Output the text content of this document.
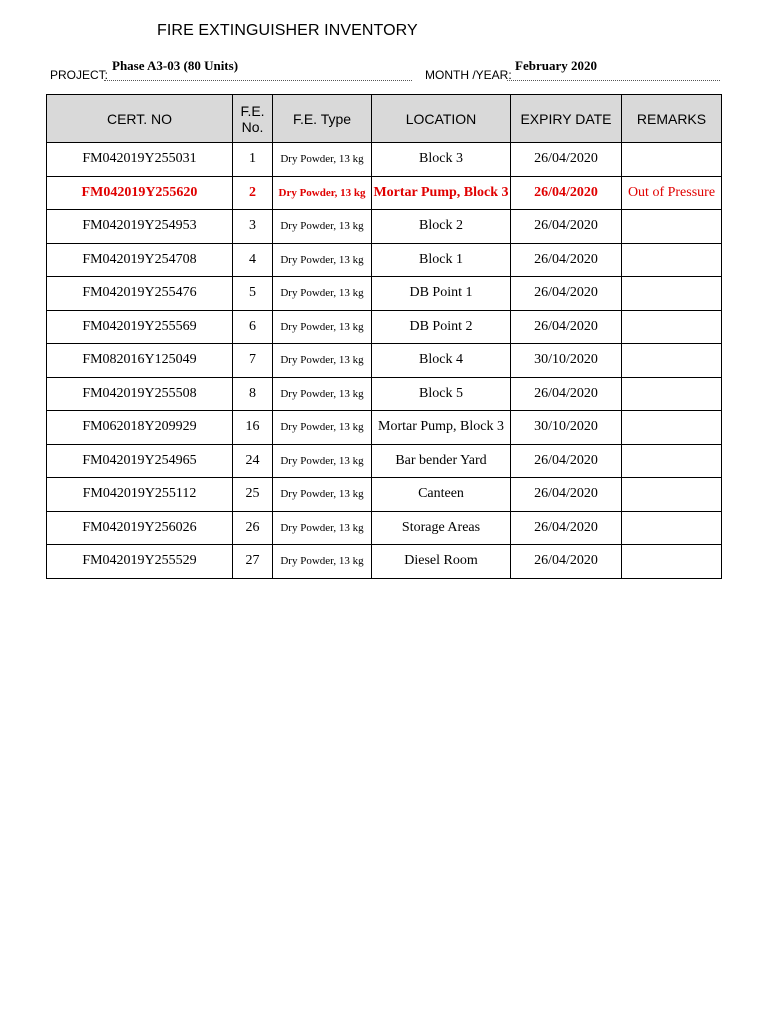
FIRE EXTINGUISHER INVENTORY
PROJECT:
Phase A3-03 (80 Units)
MONTH /YEAR:
February 2020
CERT. NO	F.E. No.	F.E. Type	LOCATION	EXPIRY DATE	REMARKS
FM042019Y255031	1	Dry Powder, 13 kg	Block 3	26/04/2020	
FM042019Y255620	2	Dry Powder, 13 kg	Mortar Pump, Block 3	26/04/2020	Out of Pressure
FM042019Y254953	3	Dry Powder, 13 kg	Block 2	26/04/2020	
FM042019Y254708	4	Dry Powder, 13 kg	Block 1	26/04/2020	
FM042019Y255476	5	Dry Powder, 13 kg	DB Point 1	26/04/2020	
FM042019Y255569	6	Dry Powder, 13 kg	DB Point 2	26/04/2020	
FM082016Y125049	7	Dry Powder, 13 kg	Block 4	30/10/2020	
FM042019Y255508	8	Dry Powder, 13 kg	Block 5	26/04/2020	
FM062018Y209929	16	Dry Powder, 13 kg	Mortar Pump, Block 3	30/10/2020	
FM042019Y254965	24	Dry Powder, 13 kg	Bar bender Yard	26/04/2020	
FM042019Y255112	25	Dry Powder, 13 kg	Canteen	26/04/2020	
FM042019Y256026	26	Dry Powder, 13 kg	Storage Areas	26/04/2020	
FM042019Y255529	27	Dry Powder, 13 kg	Diesel Room	26/04/2020	
